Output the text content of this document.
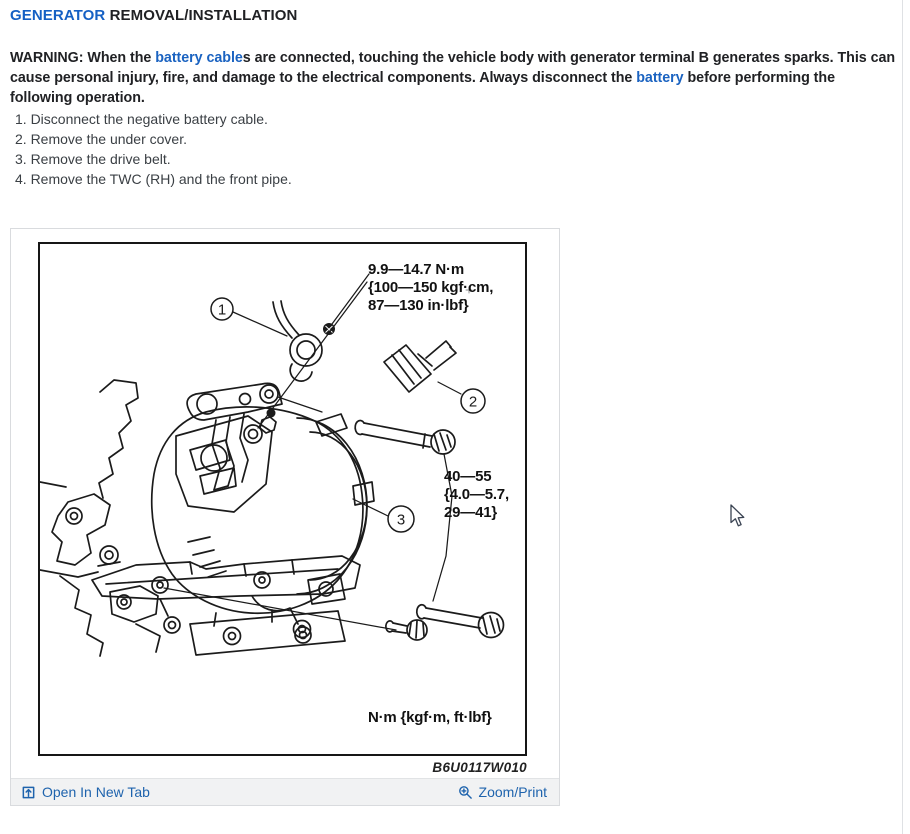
GENERATOR REMOVAL/INSTALLATION

WARNING: When the battery cables are connected, touching the vehicle body with generator terminal B generates sparks. This can cause personal injury, fire, and damage to the electrical components. Always disconnect the battery before performing the following operation.

1. Disconnect the negative battery cable.
2. Remove the under cover.
3. Remove the drive belt.
4. Remove the TWC (RH) and the front pipe.
1
2
3
9.9—14.7 N·m
{100—150 kgf·cm,
87—130 in·lbf}
40—55
{4.0—5.7,
29—41}
N·m {kgf·m, ft·lbf}
B6U0117W010
Open In New Tab	Zoom/Print
